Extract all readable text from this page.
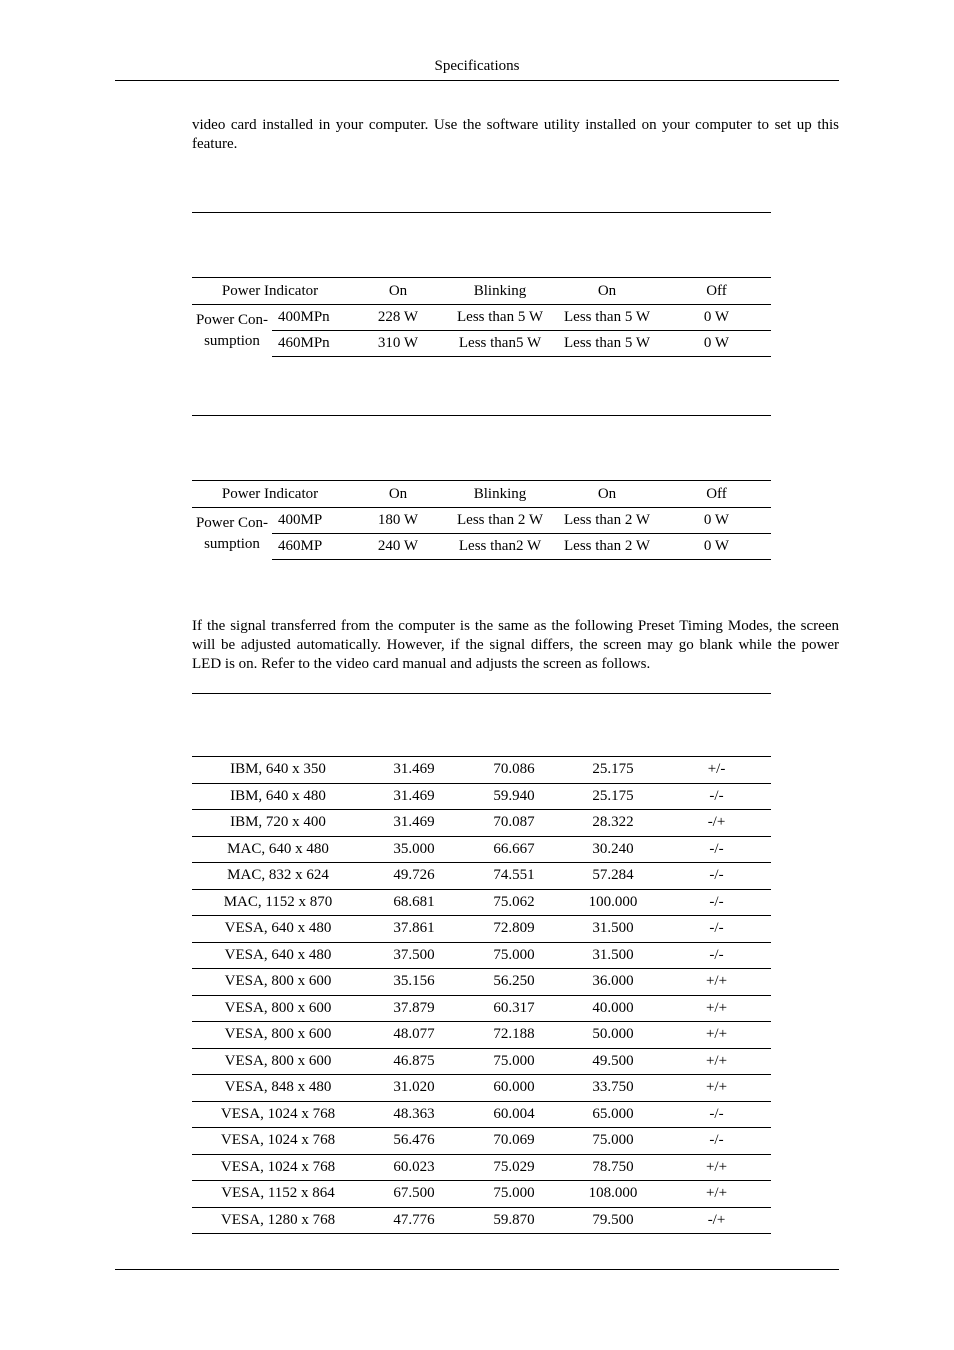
Specifications
video card installed in your computer. Use the software utility installed on your computer to set up this feature.
Power Indicator		On	Blinking	On	Off
Power Con-
sumption	400MPn	228 W	Less than 5 W	Less than 5 W	0 W
	460MPn	310 W	Less than5 W	Less than 5 W	0 W
Power Indicator		On	Blinking	On	Off
Power Con-
sumption	400MP	180 W	Less than 2 W	Less than 2 W	0 W
	460MP	240 W	Less than2 W	Less than 2 W	0 W
If the signal transferred from the computer is the same as the following Preset Timing Modes, the screen will be adjusted automatically. However, if the signal differs, the screen may go blank while the power LED is on. Refer to the video card manual and adjusts the screen as follows.
IBM, 640 x 350	31.469	70.086	25.175	+/-
IBM, 640 x 480	31.469	59.940	25.175	-/-
IBM, 720 x 400	31.469	70.087	28.322	-/+
MAC, 640 x 480	35.000	66.667	30.240	-/-
MAC, 832 x 624	49.726	74.551	57.284	-/-
MAC, 1152 x 870	68.681	75.062	100.000	-/-
VESA, 640 x 480	37.861	72.809	31.500	-/-
VESA, 640 x 480	37.500	75.000	31.500	-/-
VESA, 800 x 600	35.156	56.250	36.000	+/+
VESA, 800 x 600	37.879	60.317	40.000	+/+
VESA, 800 x 600	48.077	72.188	50.000	+/+
VESA, 800 x 600	46.875	75.000	49.500	+/+
VESA, 848 x 480	31.020	60.000	33.750	+/+
VESA, 1024 x 768	48.363	60.004	65.000	-/-
VESA, 1024 x 768	56.476	70.069	75.000	-/-
VESA, 1024 x 768	60.023	75.029	78.750	+/+
VESA, 1152 x 864	67.500	75.000	108.000	+/+
VESA, 1280 x 768	47.776	59.870	79.500	-/+
